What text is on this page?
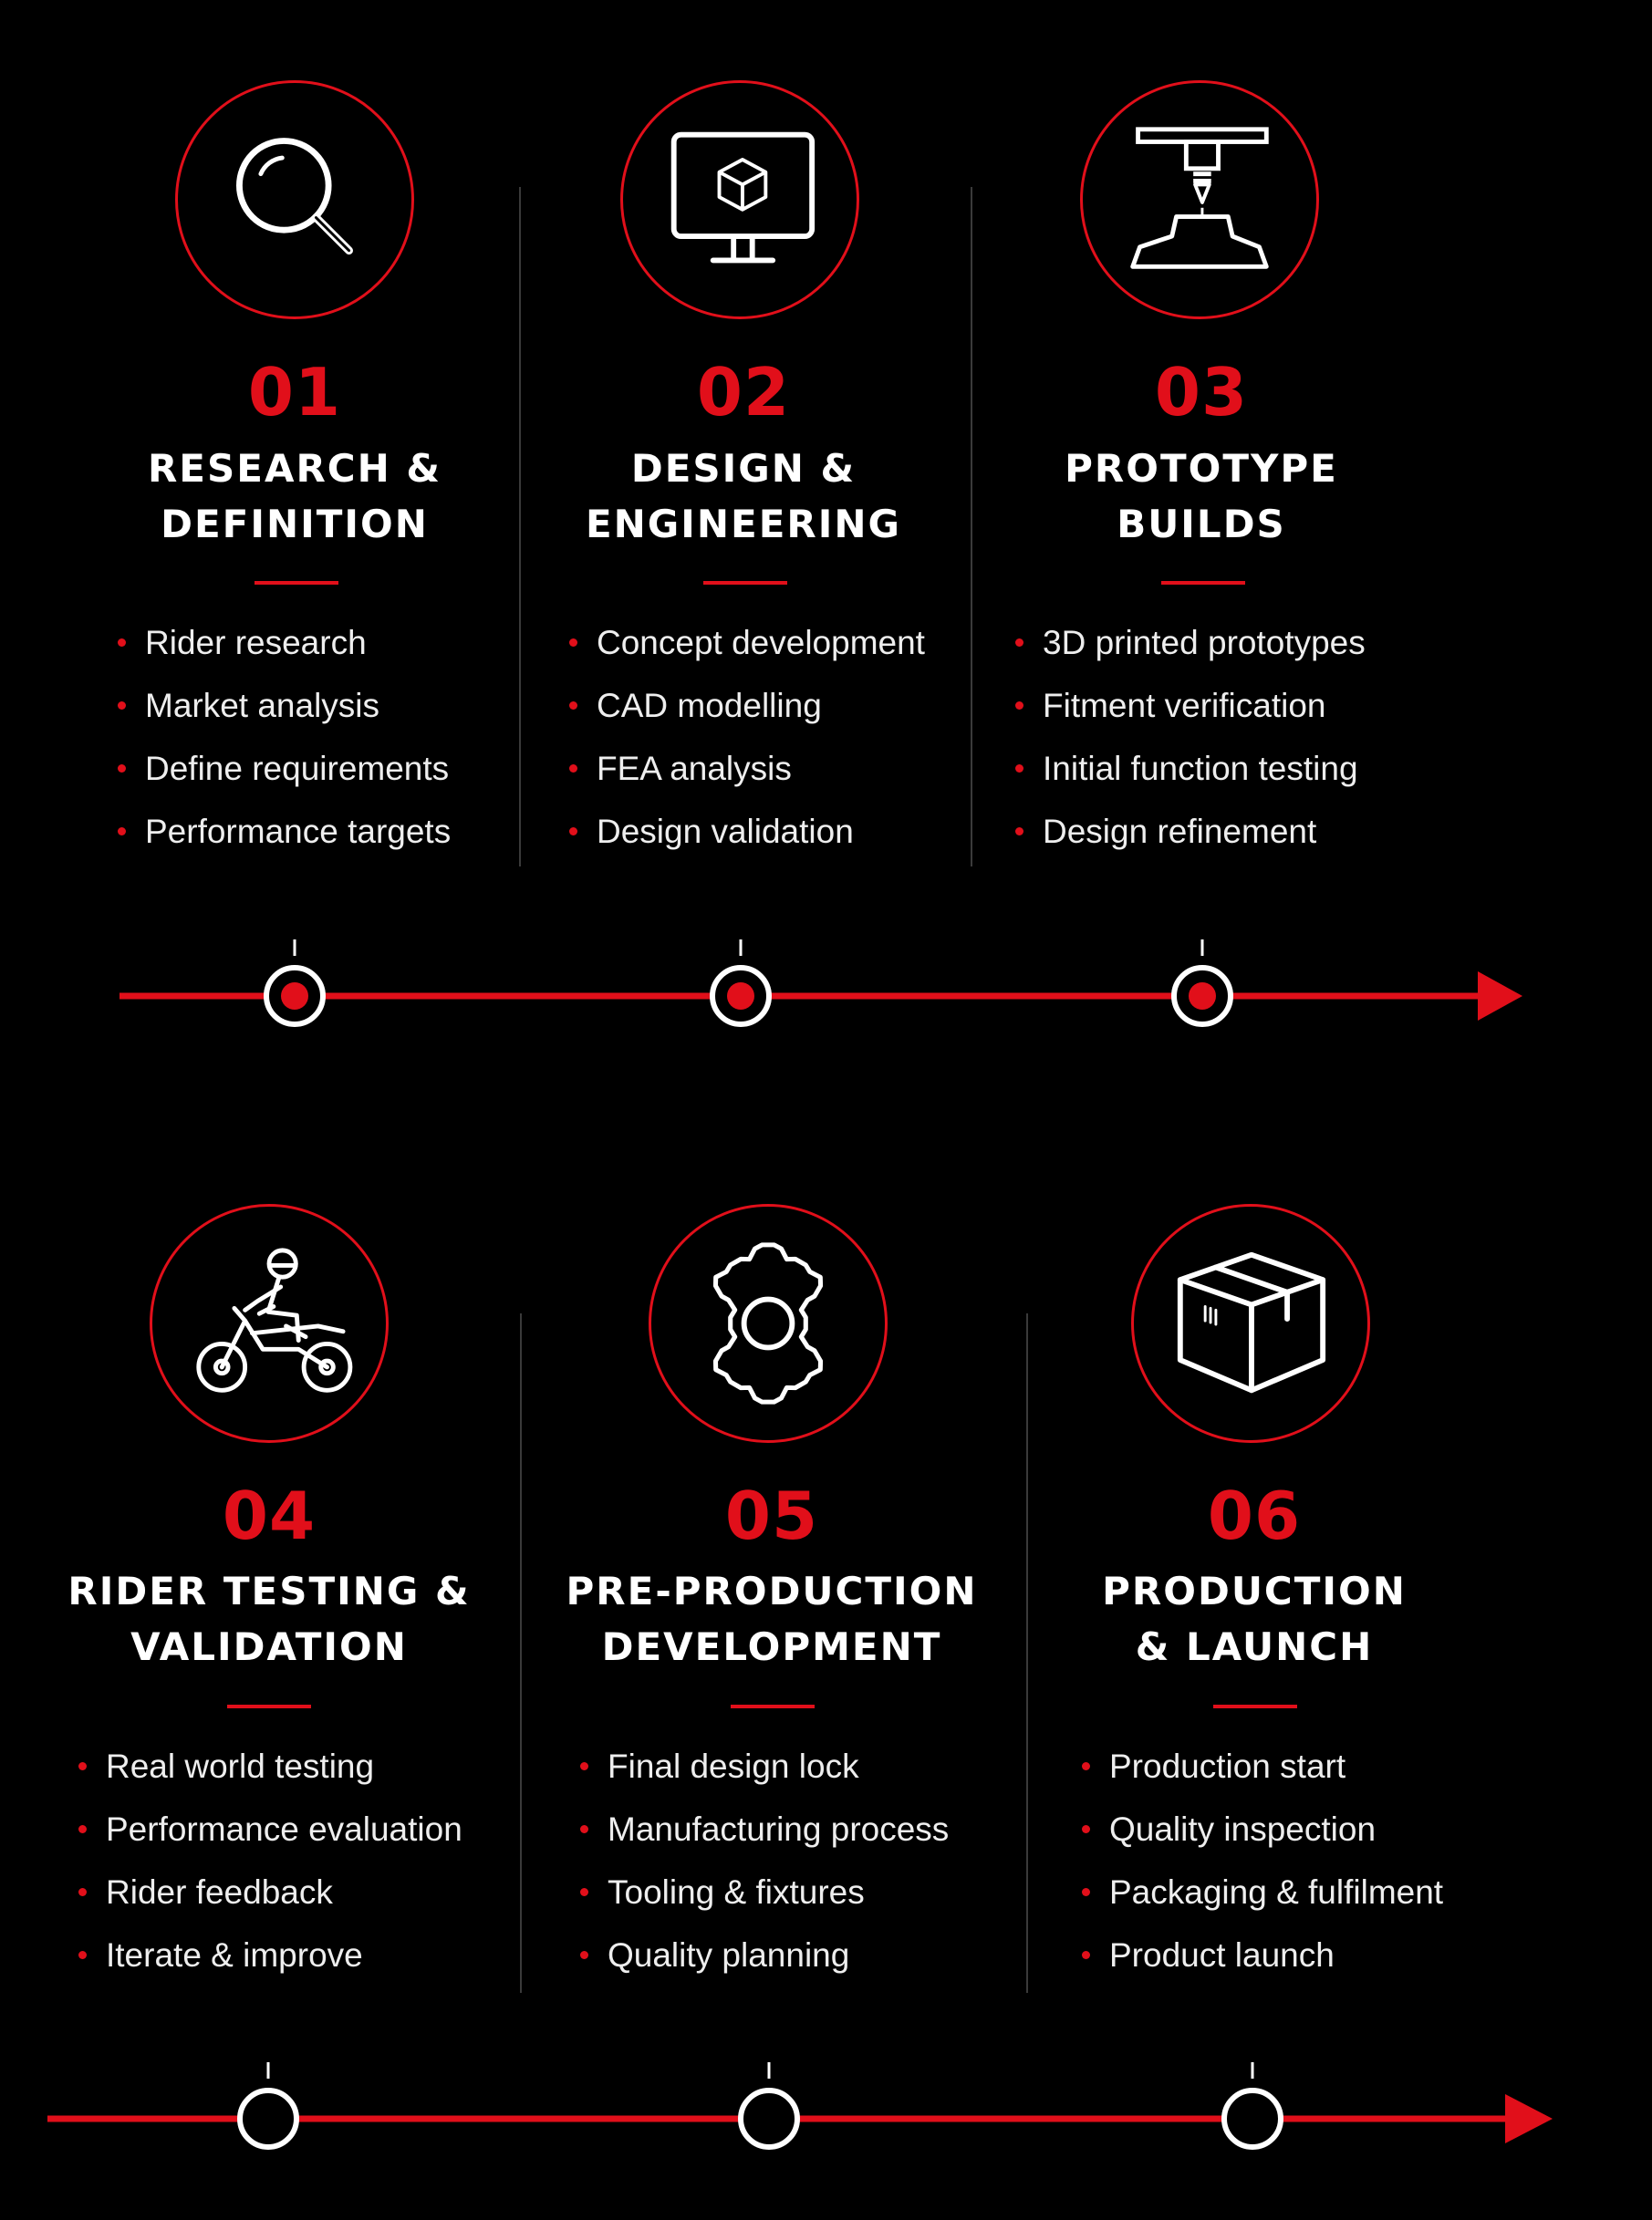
01
RESEARCH &
DEFINITION
Rider research
Market analysis
Define requirements
Performance targets
02
DESIGN &
ENGINEERING
Concept development
CAD modelling
FEA analysis
Design validation
03
PROTOTYPE
BUILDS
3D printed prototypes
Fitment verification
Initial function testing
Design refinement
04
RIDER TESTING &
VALIDATION
Real world testing
Performance evaluation
Rider feedback
Iterate & improve
05
PRE-PRODUCTION
DEVELOPMENT
Final design lock
Manufacturing process
Tooling & fixtures
Quality planning
06
PRODUCTION
& LAUNCH
Production start
Quality inspection
Packaging & fulfilment
Product launch
